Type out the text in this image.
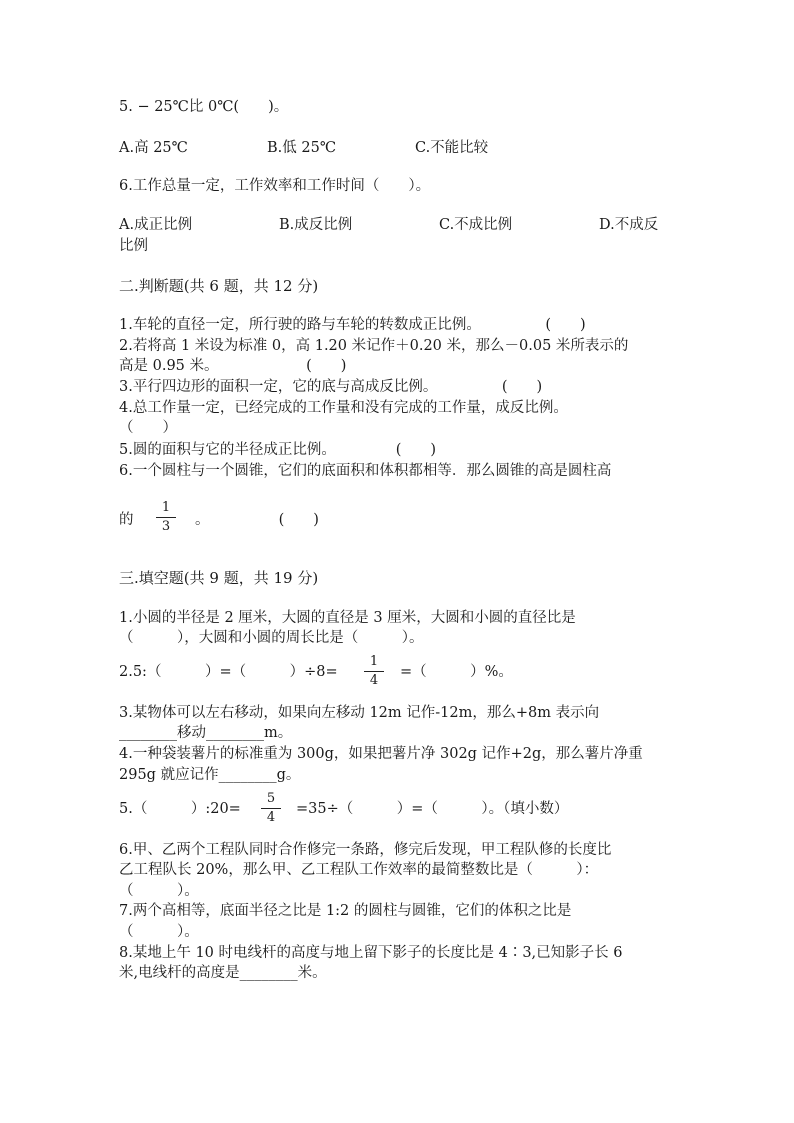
5. − 25℃比 0℃(　　)。
A.高 25℃	B.低 25℃	C.不能比较
6.工作总量一定，工作效率和工作时间（　　）。
A.成正比例	B.成反比例	C.不成比例	D.不成反
比例
二.判断题(共 6 题，共 12 分)
1.车轮的直径一定，所行驶的路与车轮的转数成正比例。              (　　)
2.若将高 1 米设为标准 0，高 1.20 米记作＋0.20 米，那么－0.05 米所表示的
高是 0.95 米。                   (　　)
3.平行四边形的面积一定，它的底与高成反比例。              (　　)
4.总工作量一定，已经完成的工作量和没有完成的工作量，成反比例。
（　　）
5.圆的面积与它的半径成正比例。             (　　)
6.一个圆柱与一个圆锥，它们的底面积和体积都相等．那么圆锥的高是圆柱高
的
1
3	。               (　　)
三.填空题(共 9 题，共 19 分)
1.小圆的半径是 2 厘米，大圆的直径是 3 厘米，大圆和小圆的直径比是
（　　　），大圆和小圆的周长比是（　　　）。
2.5:（　　　）=（　　　）÷8=
1
4
=（　　　）%。
3.某物体可以左右移动，如果向左移动 12m 记作-12m，那么+8m 表示向
________移动________m。
4.一种袋装薯片的标准重为 300g，如果把薯片净 302g 记作+2g，那么薯片净重
295g 就应记作________g。
5.（　　　）:20=
5
4
=35÷（　　　）=（　　　）。（填小数）
6.甲、乙两个工程队同时合作修完一条路，修完后发现，甲工程队修的长度比
乙工程队长 20%，那么甲、乙工程队工作效率的最简整数比是（　　　）：
（　　　）。
7.两个高相等，底面半径之比是 1:2 的圆柱与圆锥，它们的体积之比是
（　　　）。
8.某地上午 10 时电线杆的高度与地上留下影子的长度比是 4∶3,已知影子长 6
米,电线杆的高度是________米。
